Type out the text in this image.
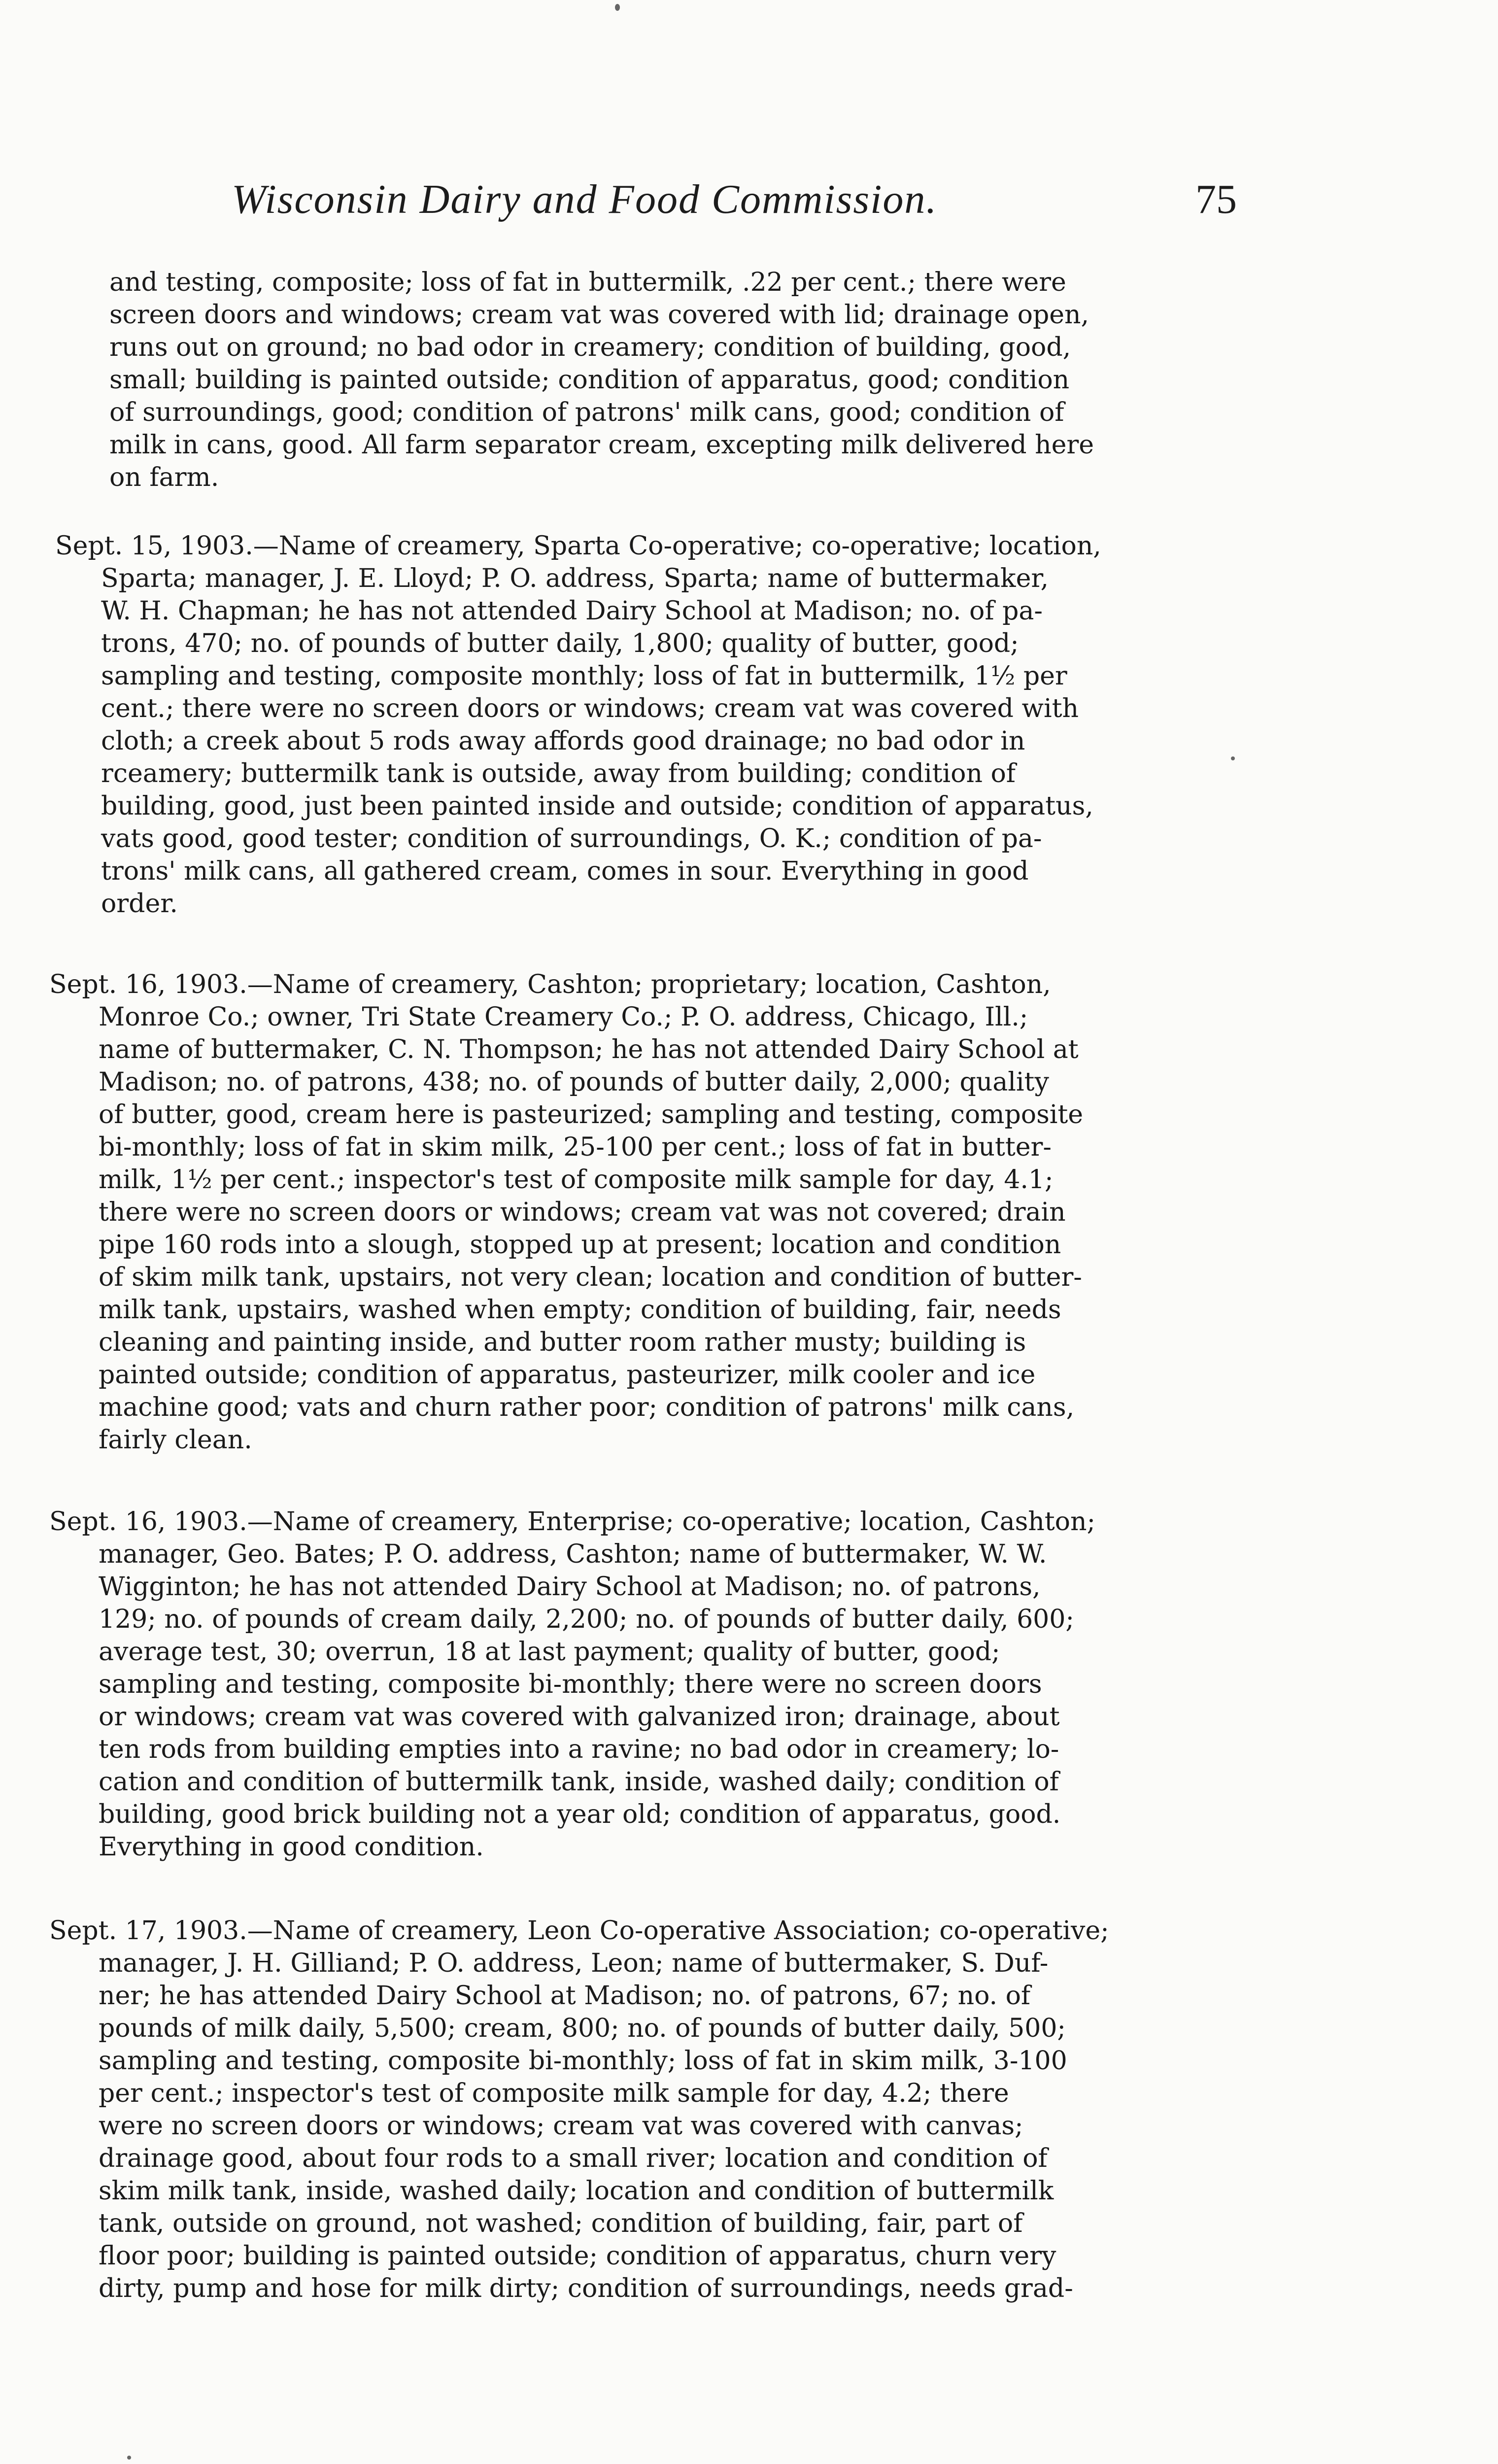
Wisconsin Dairy and Food Commission.	75
and testing, composite; loss of fat in buttermilk, .22 per cent.; there were
screen doors and windows; cream vat was covered with lid; drainage open,
runs out on ground; no bad odor in creamery; condition of building, good,
small; building is painted outside; condition of apparatus, good; condition
of surroundings, good; condition of patrons' milk cans, good; condition of
milk in cans, good. All farm separator cream, excepting milk delivered here
on farm.
Sept. 15, 1903.—Name of creamery, Sparta Co-operative; co-operative; location,
Sparta; manager, J. E. Lloyd; P. O. address, Sparta; name of buttermaker,
W. H. Chapman; he has not attended Dairy School at Madison; no. of pa-
trons, 470; no. of pounds of butter daily, 1,800; quality of butter, good;
sampling and testing, composite monthly; loss of fat in buttermilk, 1½ per
cent.; there were no screen doors or windows; cream vat was covered with
cloth; a creek about 5 rods away affords good drainage; no bad odor in
rceamery; buttermilk tank is outside, away from building; condition of
building, good, just been painted inside and outside; condition of apparatus,
vats good, good tester; condition of surroundings, O. K.; condition of pa-
trons' milk cans, all gathered cream, comes in sour. Everything in good
order.
Sept. 16, 1903.—Name of creamery, Cashton; proprietary; location, Cashton,
Monroe Co.; owner, Tri State Creamery Co.; P. O. address, Chicago, Ill.;
name of buttermaker, C. N. Thompson; he has not attended Dairy School at
Madison; no. of patrons, 438; no. of pounds of butter daily, 2,000; quality
of butter, good, cream here is pasteurized; sampling and testing, composite
bi-monthly; loss of fat in skim milk, 25-100 per cent.; loss of fat in butter-
milk, 1½ per cent.; inspector's test of composite milk sample for day, 4.1;
there were no screen doors or windows; cream vat was not covered; drain
pipe 160 rods into a slough, stopped up at present; location and condition
of skim milk tank, upstairs, not very clean; location and condition of butter-
milk tank, upstairs, washed when empty; condition of building, fair, needs
cleaning and painting inside, and butter room rather musty; building is
painted outside; condition of apparatus, pasteurizer, milk cooler and ice
machine good; vats and churn rather poor; condition of patrons' milk cans,
fairly clean.
Sept. 16, 1903.—Name of creamery, Enterprise; co-operative; location, Cashton;
manager, Geo. Bates; P. O. address, Cashton; name of buttermaker, W. W.
Wigginton; he has not attended Dairy School at Madison; no. of patrons,
129; no. of pounds of cream daily, 2,200; no. of pounds of butter daily, 600;
average test, 30; overrun, 18 at last payment; quality of butter, good;
sampling and testing, composite bi-monthly; there were no screen doors
or windows; cream vat was covered with galvanized iron; drainage, about
ten rods from building empties into a ravine; no bad odor in creamery; lo-
cation and condition of buttermilk tank, inside, washed daily; condition of
building, good brick building not a year old; condition of apparatus, good.
Everything in good condition.
Sept. 17, 1903.—Name of creamery, Leon Co-operative Association; co-operative;
manager, J. H. Gilliand; P. O. address, Leon; name of buttermaker, S. Duf-
ner; he has attended Dairy School at Madison; no. of patrons, 67; no. of
pounds of milk daily, 5,500; cream, 800; no. of pounds of butter daily, 500;
sampling and testing, composite bi-monthly; loss of fat in skim milk, 3-100
per cent.; inspector's test of composite milk sample for day, 4.2; there
were no screen doors or windows; cream vat was covered with canvas;
drainage good, about four rods to a small river; location and condition of
skim milk tank, inside, washed daily; location and condition of buttermilk
tank, outside on ground, not washed; condition of building, fair, part of
floor poor; building is painted outside; condition of apparatus, churn very
dirty, pump and hose for milk dirty; condition of surroundings, needs grad-
